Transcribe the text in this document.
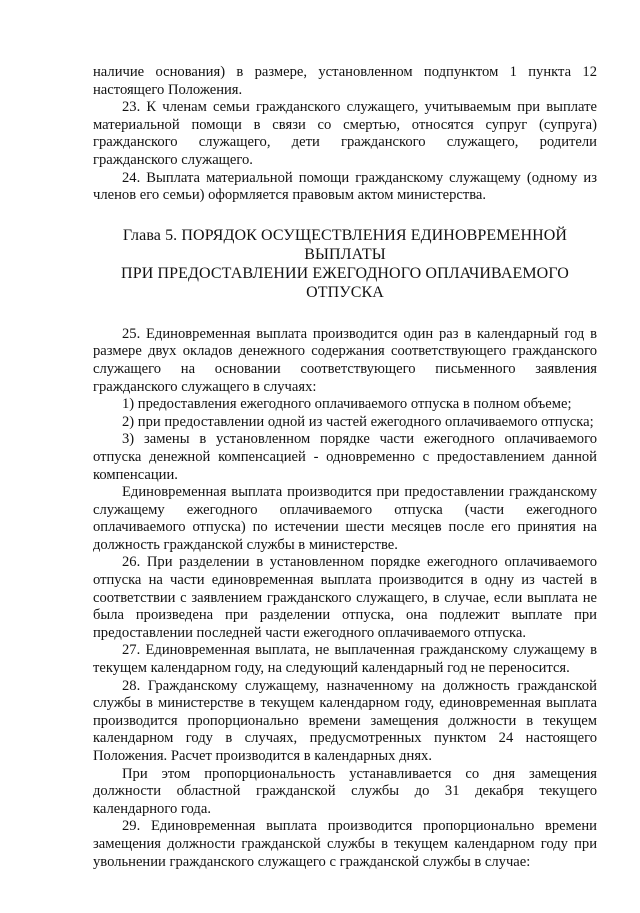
наличие основания) в размере, установленном подпунктом 1 пункта 12 настоящего Положения.

23. К членам семьи гражданского служащего, учитываемым при выплате материальной помощи в связи со смертью, относятся супруг (супруга) гражданского служащего, дети гражданского служащего, родители гражданского служащего.

24. Выплата материальной помощи гражданскому служащему (одному из членов его семьи) оформляется правовым актом министерства.

Глава 5. ПОРЯДОК ОСУЩЕСТВЛЕНИЯ ЕДИНОВРЕМЕННОЙ ВЫПЛАТЫ
ПРИ ПРЕДОСТАВЛЕНИИ ЕЖЕГОДНОГО ОПЛАЧИВАЕМОГО ОТПУСКА

25. Единовременная выплата производится один раз в календарный год в размере двух окладов денежного содержания соответствующего гражданского служащего на основании соответствующего письменного заявления гражданского служащего в случаях:

1) предоставления ежегодного оплачиваемого отпуска в полном объеме;

2) при предоставлении одной из частей ежегодного оплачиваемого отпуска;

3) замены в установленном порядке части ежегодного оплачиваемого отпуска денежной компенсацией - одновременно с предоставлением данной компенсации.

Единовременная выплата производится при предоставлении гражданскому служащему ежегодного оплачиваемого отпуска (части ежегодного оплачиваемого отпуска) по истечении шести месяцев после его принятия на должность гражданской службы в министерстве.

26. При разделении в установленном порядке ежегодного оплачиваемого отпуска на части единовременная выплата производится в одну из частей в соответствии с заявлением гражданского служащего, в случае, если выплата не была произведена при разделении отпуска, она подлежит выплате при предоставлении последней части ежегодного оплачиваемого отпуска.

27. Единовременная выплата, не выплаченная гражданскому служащему в текущем календарном году, на следующий календарный год не переносится.

28. Гражданскому служащему, назначенному на должность гражданской службы в министерстве в текущем календарном году, единовременная выплата производится пропорционально времени замещения должности в текущем календарном году в случаях, предусмотренных пунктом 24 настоящего Положения. Расчет производится в календарных днях.

При этом пропорциональность устанавливается со дня замещения должности областной гражданской службы до 31 декабря текущего календарного года.

29. Единовременная выплата производится пропорционально времени замещения должности гражданской службы в текущем календарном году при увольнении гражданского служащего с гражданской службы в случае:
